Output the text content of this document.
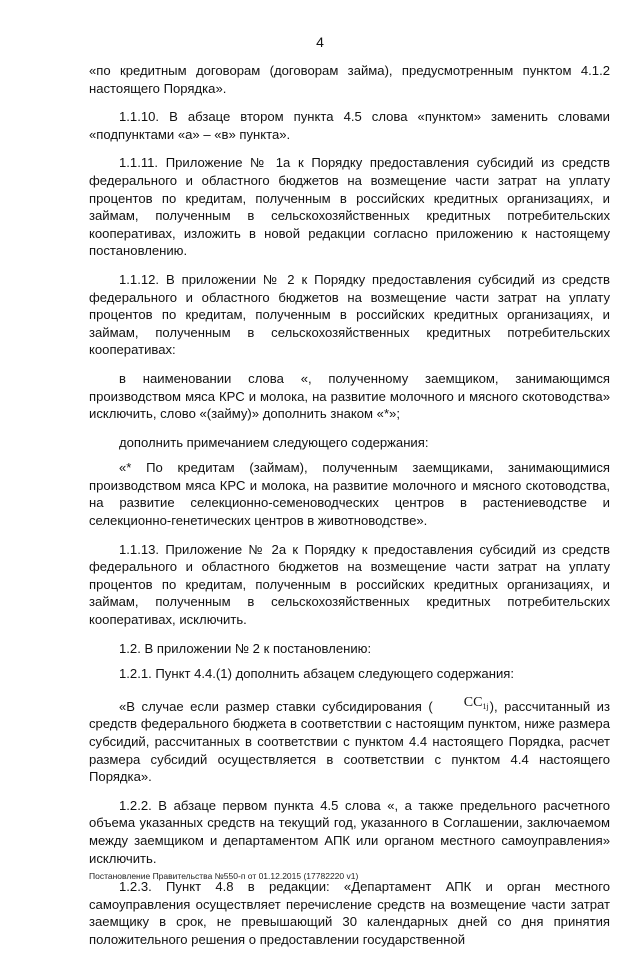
4

«по кредитным договорам (договорам займа), предусмотренным пунктом 4.1.2 настоящего Порядка».

1.1.10. В абзаце втором пункта 4.5 слова «пунктом» заменить словами «подпунктами «а» – «в» пункта».

1.1.11. Приложение № 1а к Порядку предоставления субсидий из средств федерального и областного бюджетов на возмещение части затрат на уплату процентов по кредитам, полученным в российских кредитных организациях, и займам, полученным в сельскохозяйственных кредитных потребительских кооперативах, изложить в новой редакции согласно приложению к настоящему постановлению.

1.1.12. В приложении № 2 к Порядку предоставления субсидий из средств федерального и областного бюджетов на возмещение части затрат на уплату процентов по кредитам, полученным в российских кредитных организациях, и займам, полученным в сельскохозяйственных кредитных потребительских кооперативах:

в наименовании слова «, полученному заемщиком, занимающимся производством мяса КРС и молока, на развитие молочного и мясного скотоводства» исключить, слово «(займу)» дополнить знаком «*»;

дополнить примечанием следующего содержания:

«* По кредитам (займам), полученным заемщиками, занимающимися производством мяса КРС и молока, на развитие молочного и мясного скотоводства, на развитие селекционно-семеноводческих центров в растениеводстве и селекционно-генетических центров в животноводстве».

1.1.13. Приложение № 2а к Порядку к предоставления субсидий из средств федерального и областного бюджетов на возмещение части затрат на уплату процентов по кредитам, полученным в российских кредитных организациях, и займам, полученным в сельскохозяйственных кредитных потребительских кооперативах, исключить.

1.2. В приложении № 2 к постановлению:

1.2.1. Пункт 4.4.(1) дополнить абзацем следующего содержания:

«В случае если размер ставки субсидирования ( $СС_{1j}$), рассчитанный из средств федерального бюджета в соответствии с настоящим пунктом, ниже размера субсидий, рассчитанных в соответствии с пунктом 4.4 настоящего Порядка, расчет размера субсидий осуществляется в соответствии с пунктом 4.4 настоящего Порядка».

1.2.2. В абзаце первом пункта 4.5 слова «, а также предельного расчетного объема указанных средств на текущий год, указанного в Соглашении, заключаемом между заемщиком и департаментом АПК или органом местного самоуправления» исключить.

1.2.3. Пункт 4.8 в редакции: «Департамент АПК и орган местного самоуправления осуществляет перечисление средств на возмещение части затрат заемщику в срок, не превышающий 30 календарных дней со дня принятия положительного решения о предоставлении государственной

Постановление Правительства №550-п от 01.12.2015 (17782220 v1)
